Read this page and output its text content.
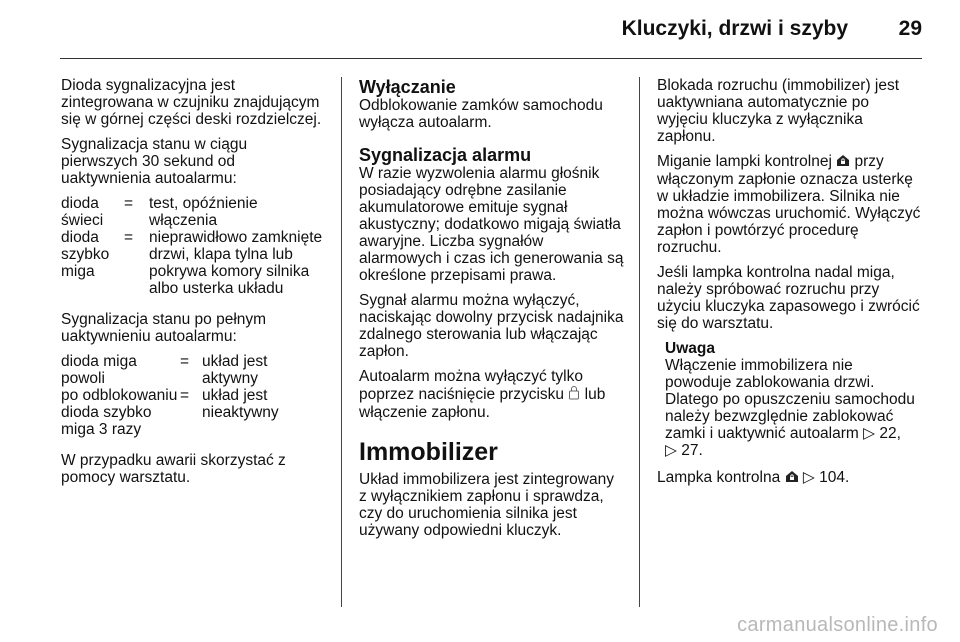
Kluczyki, drzwi i szyby 29

Dioda sygnalizacyjna jest zintegrowana w czujniku znajdującym się w górnej części deski rozdzielczej.

Sygnalizacja stanu w ciągu pierwszych 30 sekund od uaktywnienia autoalarmu:

dioda świeci
=	test, opóźnienie włączenia
dioda szybko miga
=	nieprawidłowo zamknięte drzwi, klapa tylna lub pokrywa komory silnika albo usterka układu

Sygnalizacja stanu po pełnym uaktywnieniu autoalarmu:

dioda miga powoli
= układ jest aktywny
po odblokowaniu dioda szybko miga 3 razy
= układ jest nieaktywny

W przypadku awarii skorzystać z pomocy warsztatu.

Wyłączanie

Odblokowanie zamków samochodu wyłącza autoalarm.

Sygnalizacja alarmu

W razie wyzwolenia alarmu głośnik posiadający odrębne zasilanie akumulatorowe emituje sygnał akustyczny; dodatkowo migają światła awaryjne. Liczba sygnałów alarmowych i czas ich generowania są określone przepisami prawa.

Sygnał alarmu można wyłączyć, naciskając dowolny przycisk nadajnika zdalnego sterowania lub włączając zapłon.

Autoalarm można wyłączyć tylko poprzez naciśnięcie przycisku lub włączenie zapłonu.

Immobilizer

Układ immobilizera jest zintegrowany z wyłącznikiem zapłonu i sprawdza, czy do uruchomienia silnika jest używany odpowiedni kluczyk.

Blokada rozruchu (immobilizer) jest uaktywniana automatycznie po wyjęciu kluczyka z wyłącznika zapłonu.

Miganie lampki kontrolnej przy włączonym zapłonie oznacza usterkę w układzie immobilizera. Silnika nie można wówczas uruchomić. Wyłączyć zapłon i powtórzyć procedurę rozruchu.

Jeśli lampka kontrolna nadal miga, należy spróbować rozruchu przy użyciu kluczyka zapasowego i zwrócić się do warsztatu.

Uwaga
Włączenie immobilizera nie powoduje zablokowania drzwi. Dlatego po opuszczeniu samochodu należy bezwzględnie zablokować zamki i uaktywnić autoalarm ▷ 22,
▷ 27.

Lampka kontrolna ▷ 104.

carmanualsonline.info
